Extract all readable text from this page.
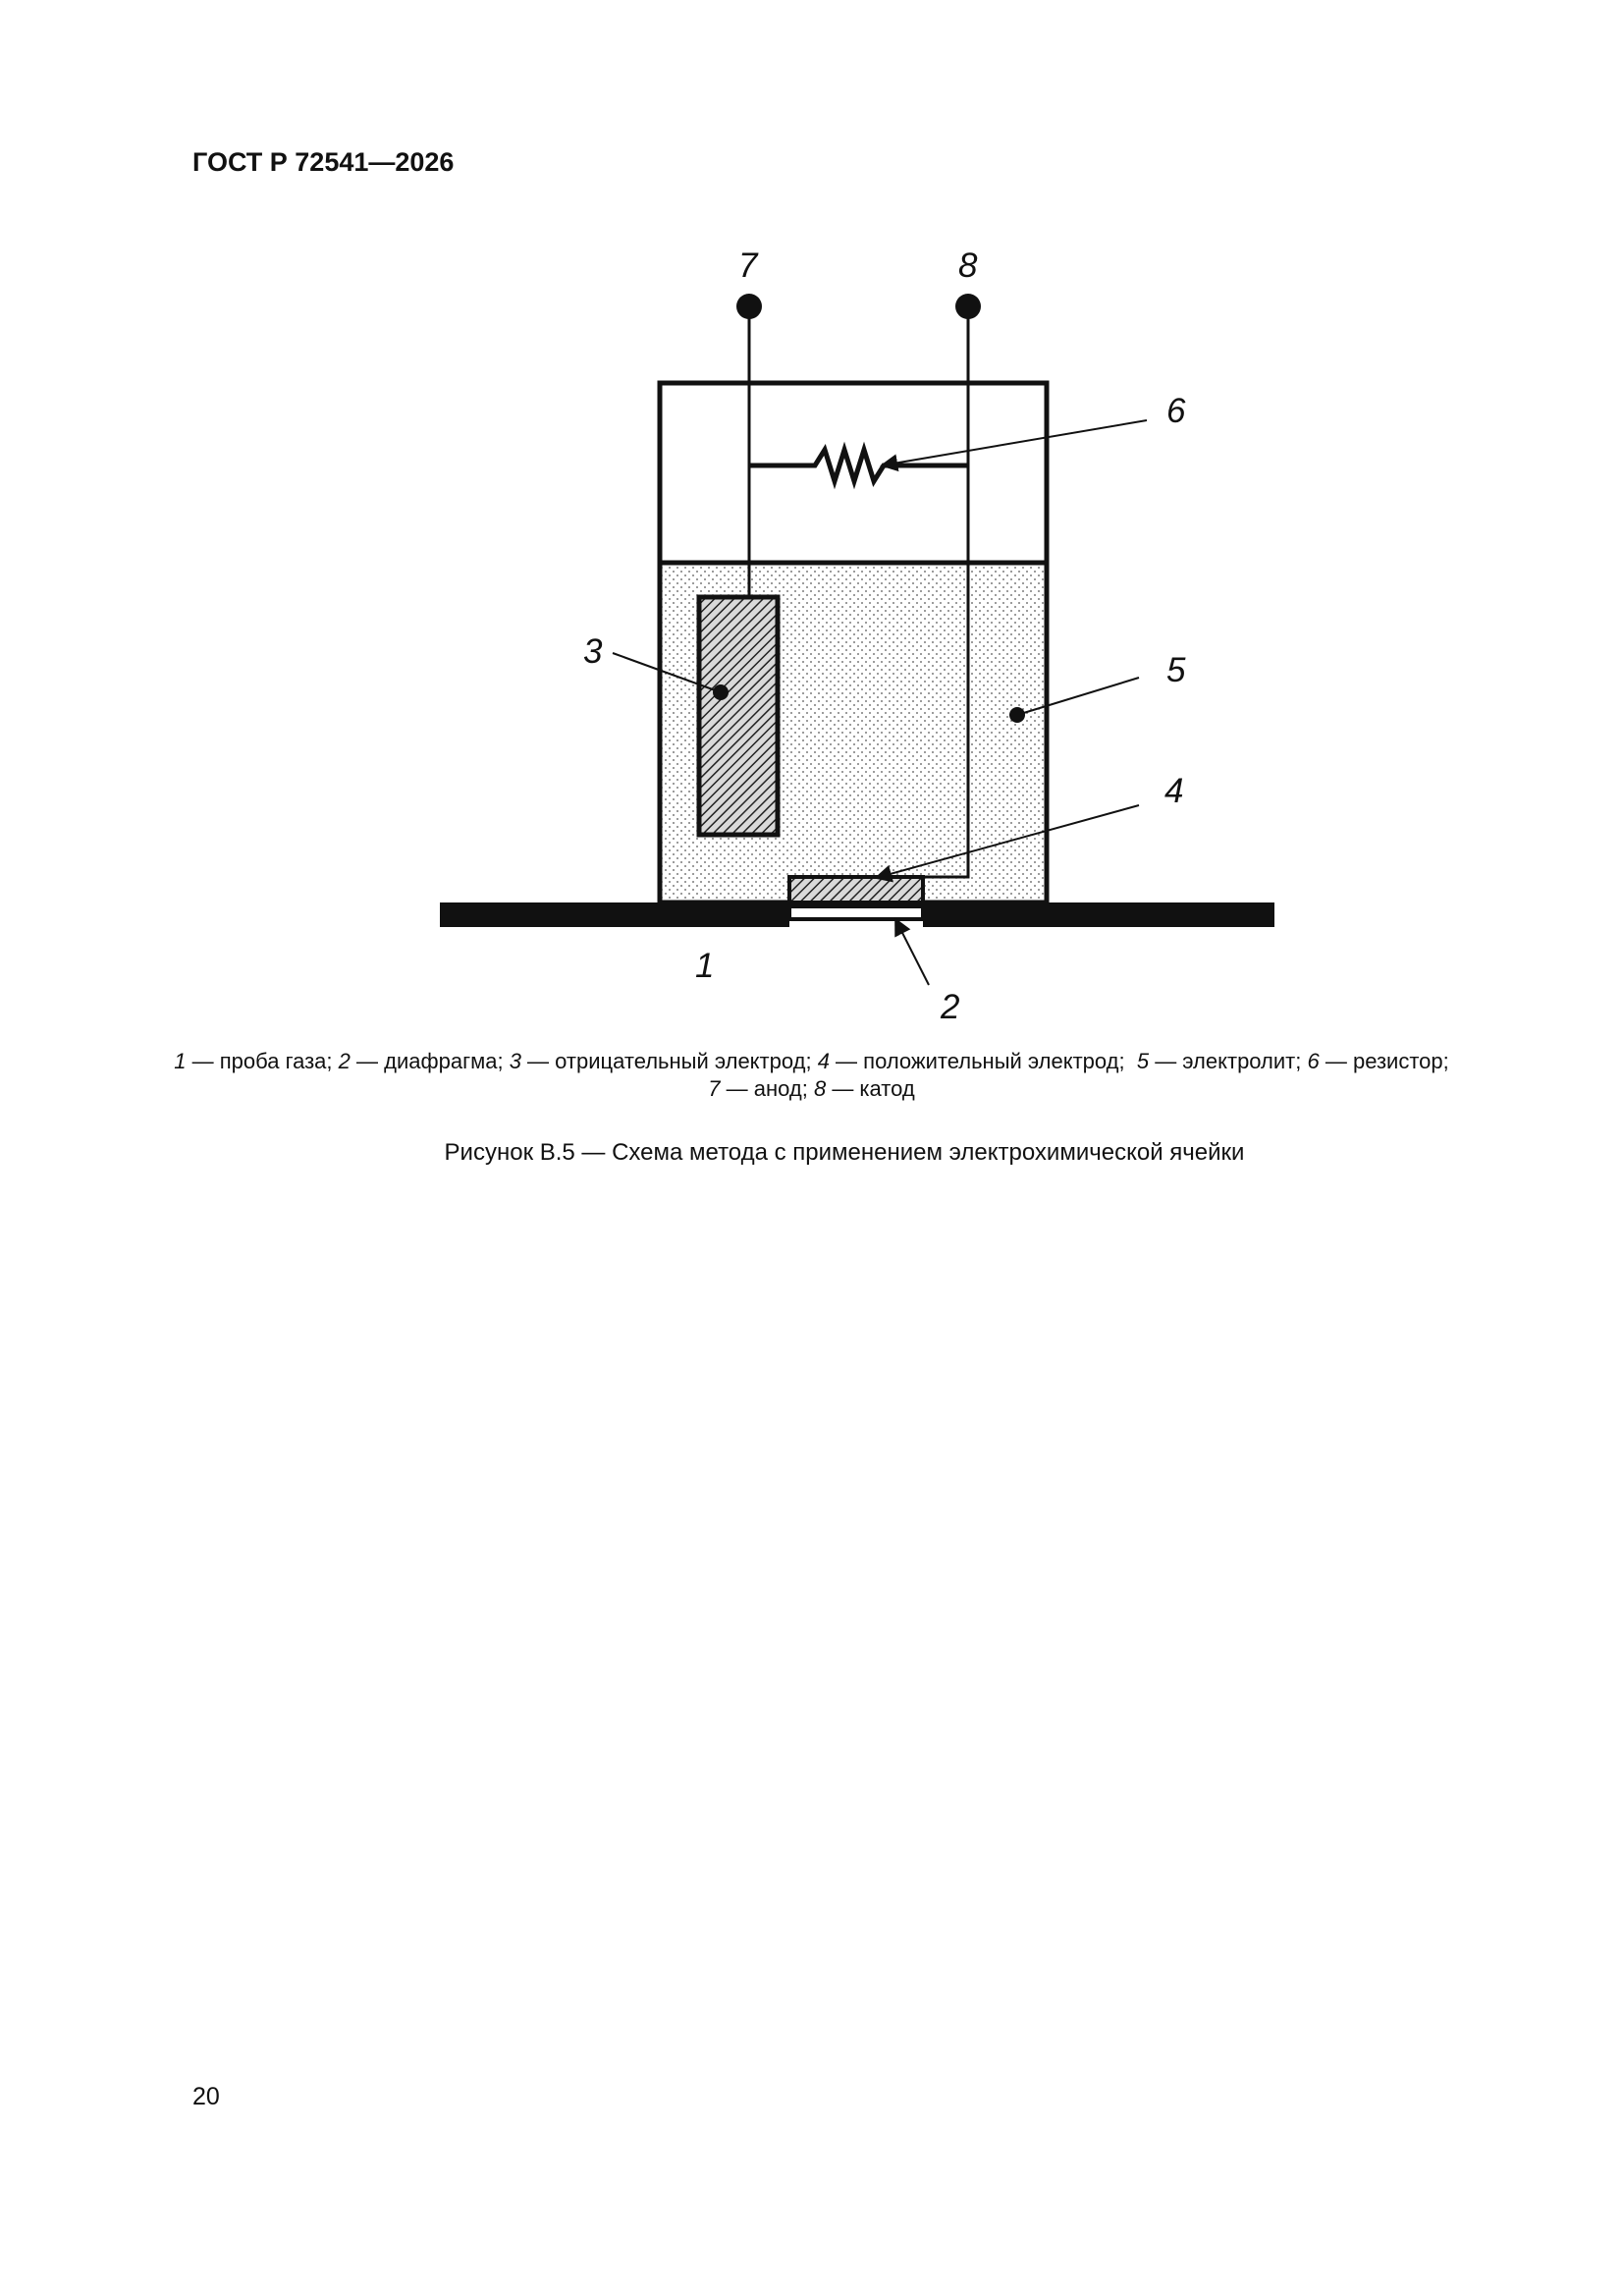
ГОСТ Р 72541—2026
7	8
6
3	5
4
1
2
1 — проба газа; 2 — диафрагма; 3 — отрицательный электрод; 4 — положительный электрод;  5 — электролит; 6 — резистор;
7 — анод; 8 — катод
Рисунок В.5 — Схема метода с применением электрохимической ячейки
20
